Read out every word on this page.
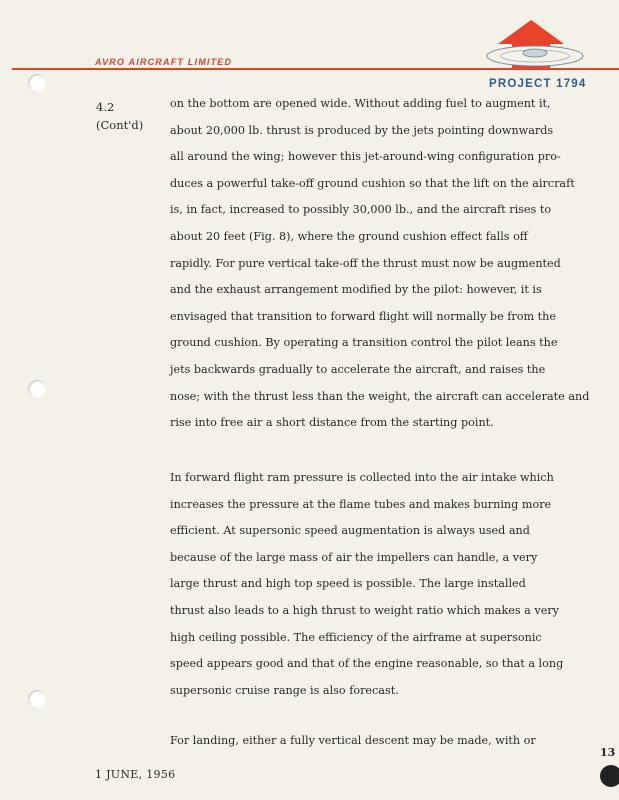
AVRO AIRCRAFT LIMITED
PROJECT 1794
4.2
(Cont'd)

on the bottom are opened wide. Without adding fuel to augment it,
about 20,000 lb. thrust is produced by the jets pointing downwards
all around the wing; however this jet-around-wing configuration pro-
duces a powerful take-off ground cushion so that the lift on the aircraft
is, in fact, increased to possibly 30,000 lb., and the aircraft rises to
about 20 feet (Fig. 8), where the ground cushion effect falls off
rapidly. For pure vertical take-off the thrust must now be augmented
and the exhaust arrangement modified by the pilot: however, it is
envisaged that transition to forward flight will normally be from the
ground cushion. By operating a transition control the pilot leans the
jets backwards gradually to accelerate the aircraft, and raises the
nose; with the thrust less than the weight, the aircraft can accelerate and
rise into free air a short distance from the starting point.

In forward flight ram pressure is collected into the air intake which
increases the pressure at the flame tubes and makes burning more
efficient. At supersonic speed augmentation is always used and
because of the large mass of air the impellers can handle, a very
large thrust and high top speed is possible. The large installed
thrust also leads to a high thrust to weight ratio which makes a very
high ceiling possible. The efficiency of the airframe at supersonic
speed appears good and that of the engine reasonable, so that a long
supersonic cruise range is also forecast.

For landing, either a fully vertical descent may be made, with or

13
1 JUNE, 1956
